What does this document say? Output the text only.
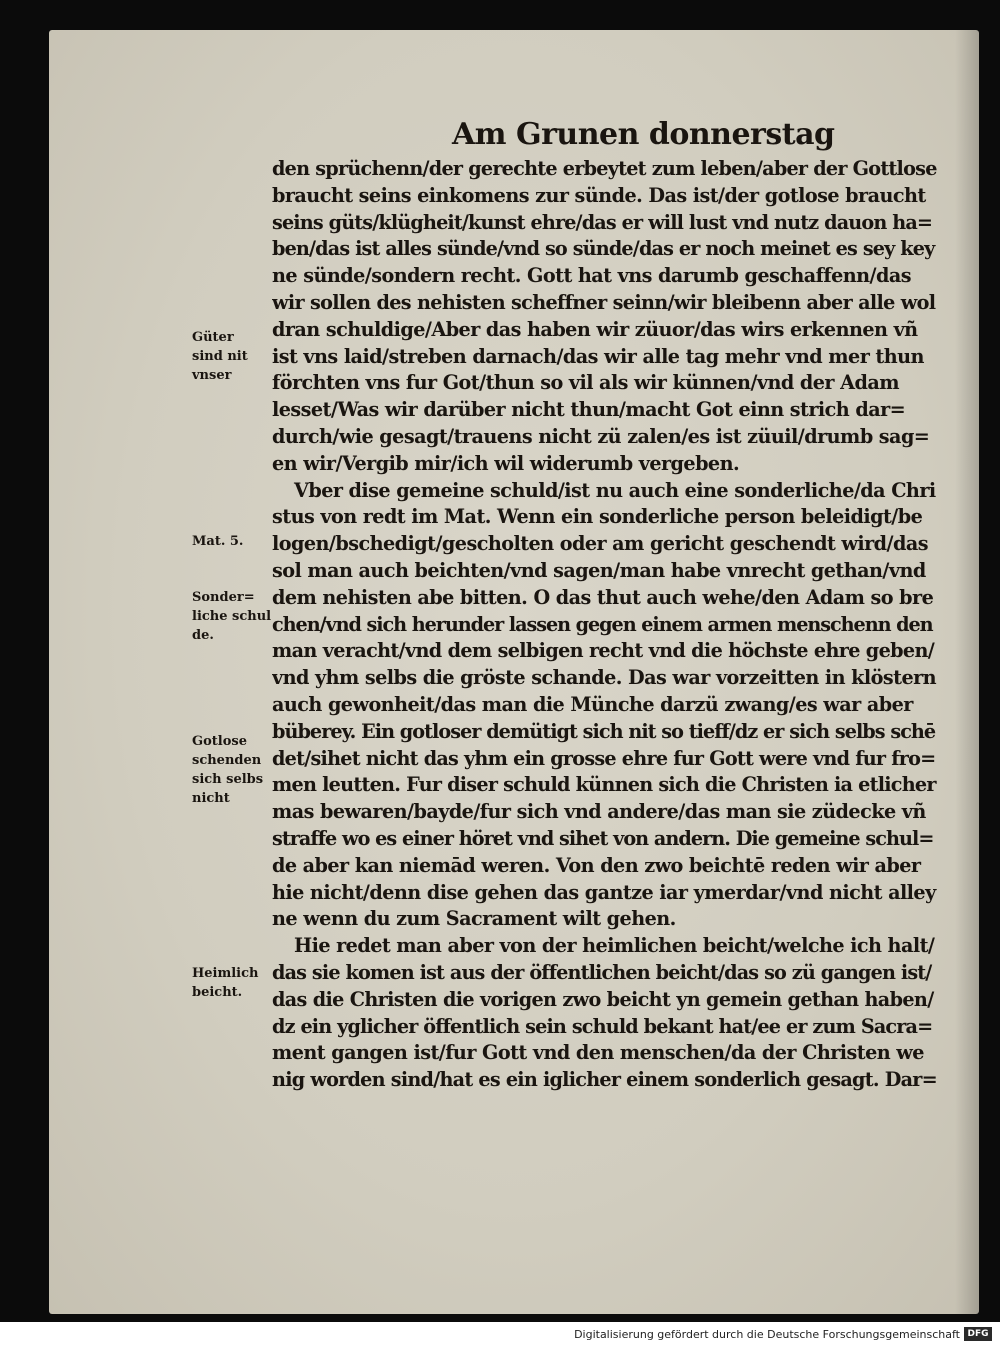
Am Grunen donnerstag
den sprüchenn/der gerechte erbeytet zum leben/aber der Gottlose
braucht seins einkomens zur sünde. Das ist/der gotlose braucht
seins güts/klügheit/kunst ehre/das er will lust vnd nutz dauon ha=
ben/das ist alles sünde/vnd so sünde/das er noch meinet es sey key
ne sünde/sondern recht. Gott hat vns darumb geschaffenn/das
wir sollen des nehisten scheffner seinn/wir bleibenn aber alle wol
dran schuldige/Aber das haben wir züuor/das wirs erkennen vñ
ist vns laid/streben darnach/das wir alle tag mehr vnd mer thun
förchten vns fur Got/thun so vil als wir künnen/vnd der Adam
lesset/Was wir darüber nicht thun/macht Got einn strich dar=
durch/wie gesagt/trauens nicht zü zalen/es ist züuil/drumb sag=
en wir/Vergib mir/ich wil widerumb vergeben.
Vber dise gemeine schuld/ist nu auch eine sonderliche/da Chri
stus von redt im Mat. Wenn ein sonderliche person beleidigt/be
logen/bschedigt/gescholten oder am gericht geschendt wird/das
sol man auch beichten/vnd sagen/man habe vnrecht gethan/vnd
dem nehisten abe bitten. O das thut auch wehe/den Adam so bre
chen/vnd sich herunder lassen gegen einem armen menschenn den
man veracht/vnd dem selbigen recht vnd die höchste ehre geben/
vnd yhm selbs die gröste schande. Das war vorzeitten in klöstern
auch gewonheit/das man die Münche darzü zwang/es war aber
büberey. Ein gotloser demütigt sich nit so tieff/dz er sich selbs schē
det/sihet nicht das yhm ein grosse ehre fur Gott were vnd fur fro=
men leutten. Fur diser schuld künnen sich die Christen ia etlicher
mas bewaren/bayde/fur sich vnd andere/das man sie züdecke vñ
straffe wo es einer höret vnd sihet von andern. Die gemeine schul=
de aber kan niemād weren. Von den zwo beichtē reden wir aber
hie nicht/denn dise gehen das gantze iar ymerdar/vnd nicht alley
ne wenn du zum Sacrament wilt gehen.
Hie redet man aber von der heimlichen beicht/welche ich halt/
das sie komen ist aus der öffentlichen beicht/das so zü gangen ist/
das die Christen die vorigen zwo beicht yn gemein gethan haben/
dz ein yglicher öffentlich sein schuld bekant hat/ee er zum Sacra=
ment gangen ist/fur Gott vnd den menschen/da der Christen we
nig worden sind/hat es ein iglicher einem sonderlich gesagt. Dar=
Güter
sind nit
vnser
Mat. 5.
Sonder=
liche schul
de.
Gotlose
schenden
sich selbs
nicht
Heimlich
beicht.
Digitalisierung gefördert durch die Deutsche Forschungsgemeinschaft DFG
